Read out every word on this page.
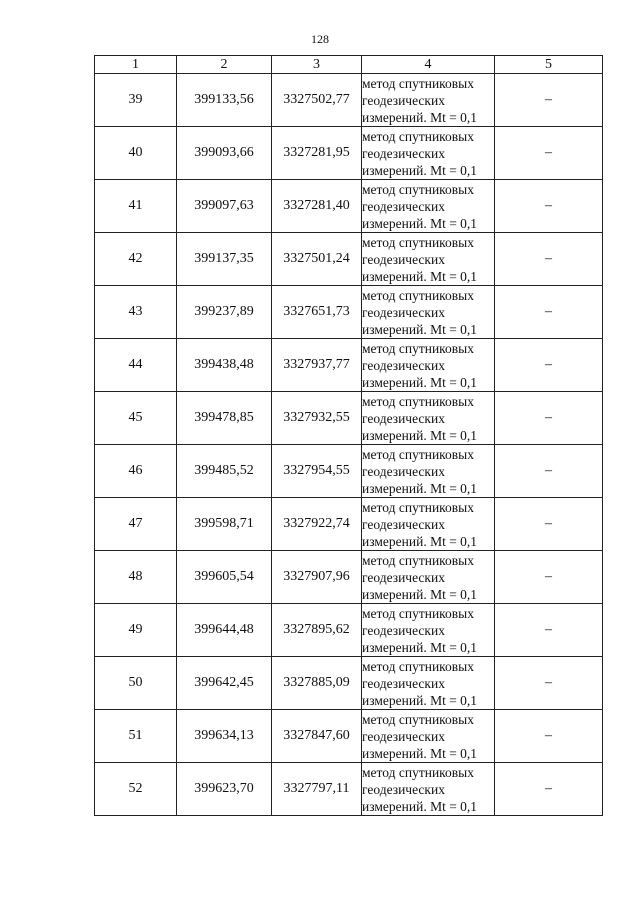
128
1	2	3	4	5
39	399133,56	3327502,77	метод спутниковых
геодезических
измерений. Mt = 0,1	–
40	399093,66	3327281,95	метод спутниковых
геодезических
измерений. Mt = 0,1	–
41	399097,63	3327281,40	метод спутниковых
геодезических
измерений. Mt = 0,1	–
42	399137,35	3327501,24	метод спутниковых
геодезических
измерений. Mt = 0,1	–
43	399237,89	3327651,73	метод спутниковых
геодезических
измерений. Mt = 0,1	–
44	399438,48	3327937,77	метод спутниковых
геодезических
измерений. Mt = 0,1	–
45	399478,85	3327932,55	метод спутниковых
геодезических
измерений. Mt = 0,1	–
46	399485,52	3327954,55	метод спутниковых
геодезических
измерений. Mt = 0,1	–
47	399598,71	3327922,74	метод спутниковых
геодезических
измерений. Mt = 0,1	–
48	399605,54	3327907,96	метод спутниковых
геодезических
измерений. Mt = 0,1	–
49	399644,48	3327895,62	метод спутниковых
геодезических
измерений. Mt = 0,1	–
50	399642,45	3327885,09	метод спутниковых
геодезических
измерений. Mt = 0,1	–
51	399634,13	3327847,60	метод спутниковых
геодезических
измерений. Mt = 0,1	–
52	399623,70	3327797,11	метод спутниковых
геодезических
измерений. Mt = 0,1	–
